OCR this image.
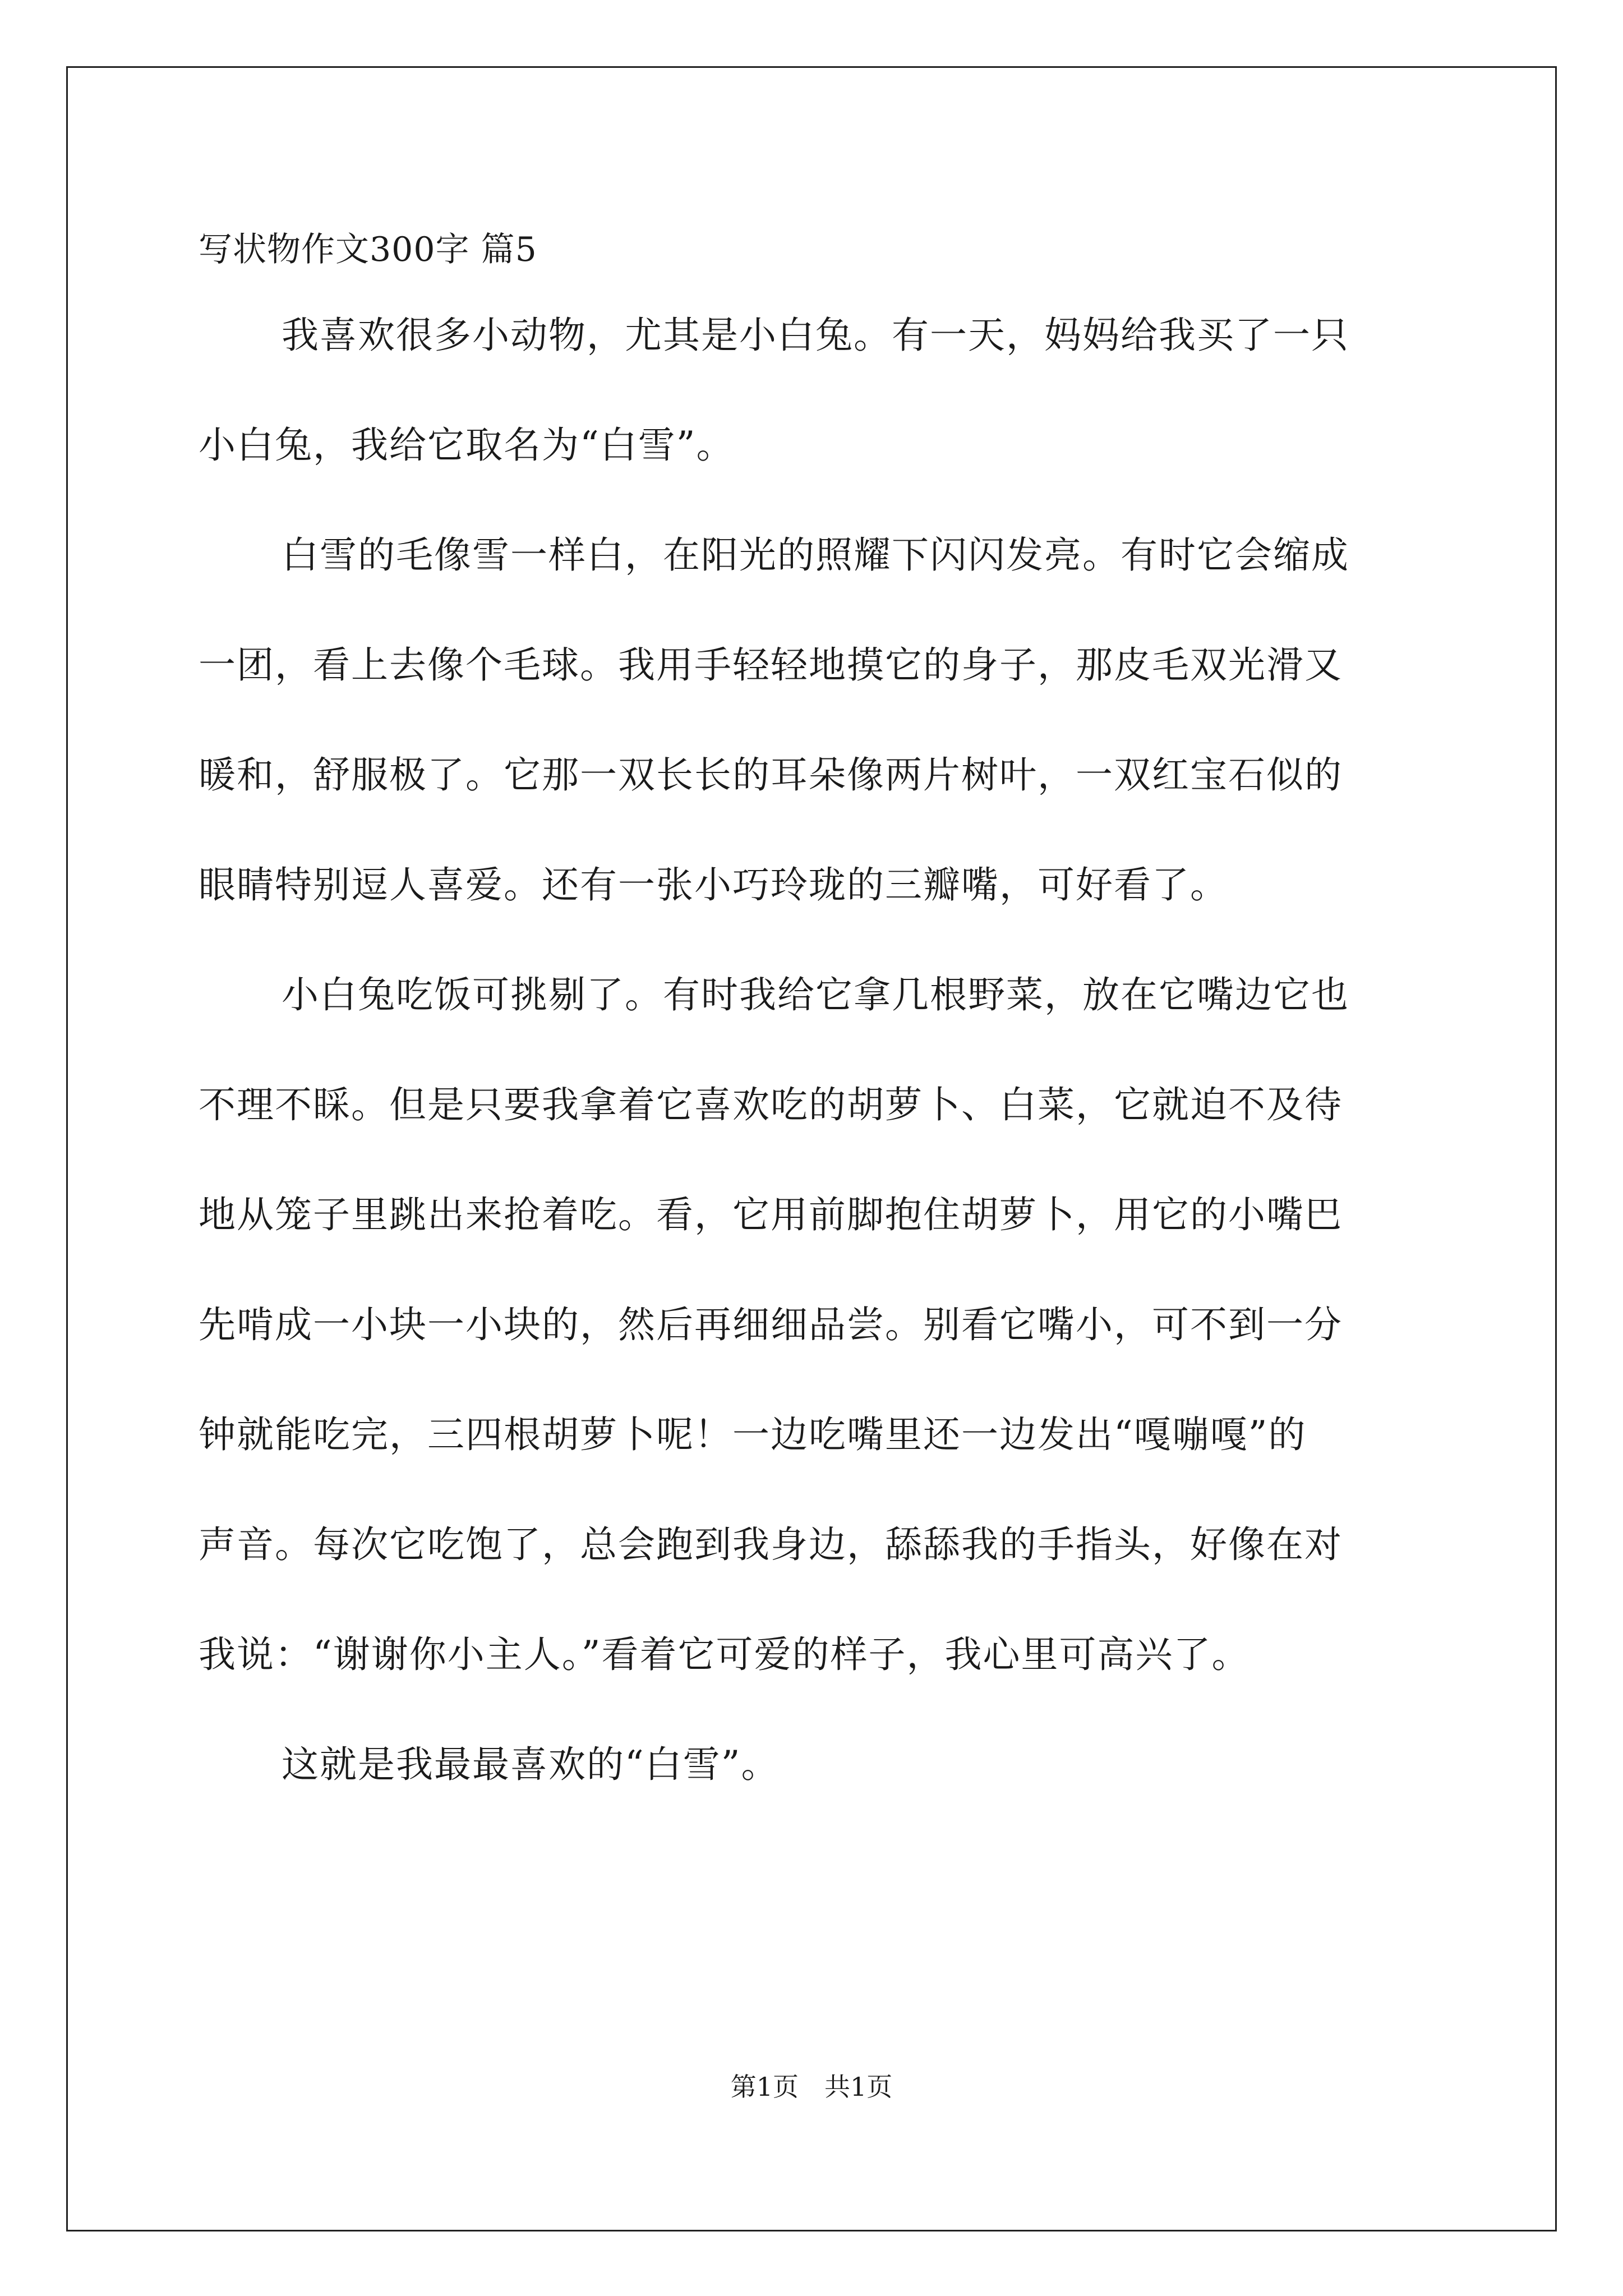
写状物作文300字 篇5
我喜欢很多小动物，尤其是小白兔。有一天，妈妈给我买了一只
小白兔，我给它取名为“白雪”。
白雪的毛像雪一样白，在阳光的照耀下闪闪发亮。有时它会缩成
一团，看上去像个毛球。我用手轻轻地摸它的身子，那皮毛双光滑又
暖和，舒服极了。它那一双长长的耳朵像两片树叶，一双红宝石似的
眼睛特别逗人喜爱。还有一张小巧玲珑的三瓣嘴，可好看了。
小白兔吃饭可挑剔了。有时我给它拿几根野菜，放在它嘴边它也
不理不睬。但是只要我拿着它喜欢吃的胡萝卜、白菜，它就迫不及待
地从笼子里跳出来抢着吃。看，它用前脚抱住胡萝卜，用它的小嘴巴
先啃成一小块一小块的，然后再细细品尝。别看它嘴小，可不到一分
钟就能吃完，三四根胡萝卜呢！一边吃嘴里还一边发出“嘎嘣嘎”的
声音。每次它吃饱了，总会跑到我身边，舔舔我的手指头，好像在对
我说：“谢谢你小主人。”看着它可爱的样子，我心里可高兴了。
这就是我最最喜欢的“白雪”。
第1页　共1页
